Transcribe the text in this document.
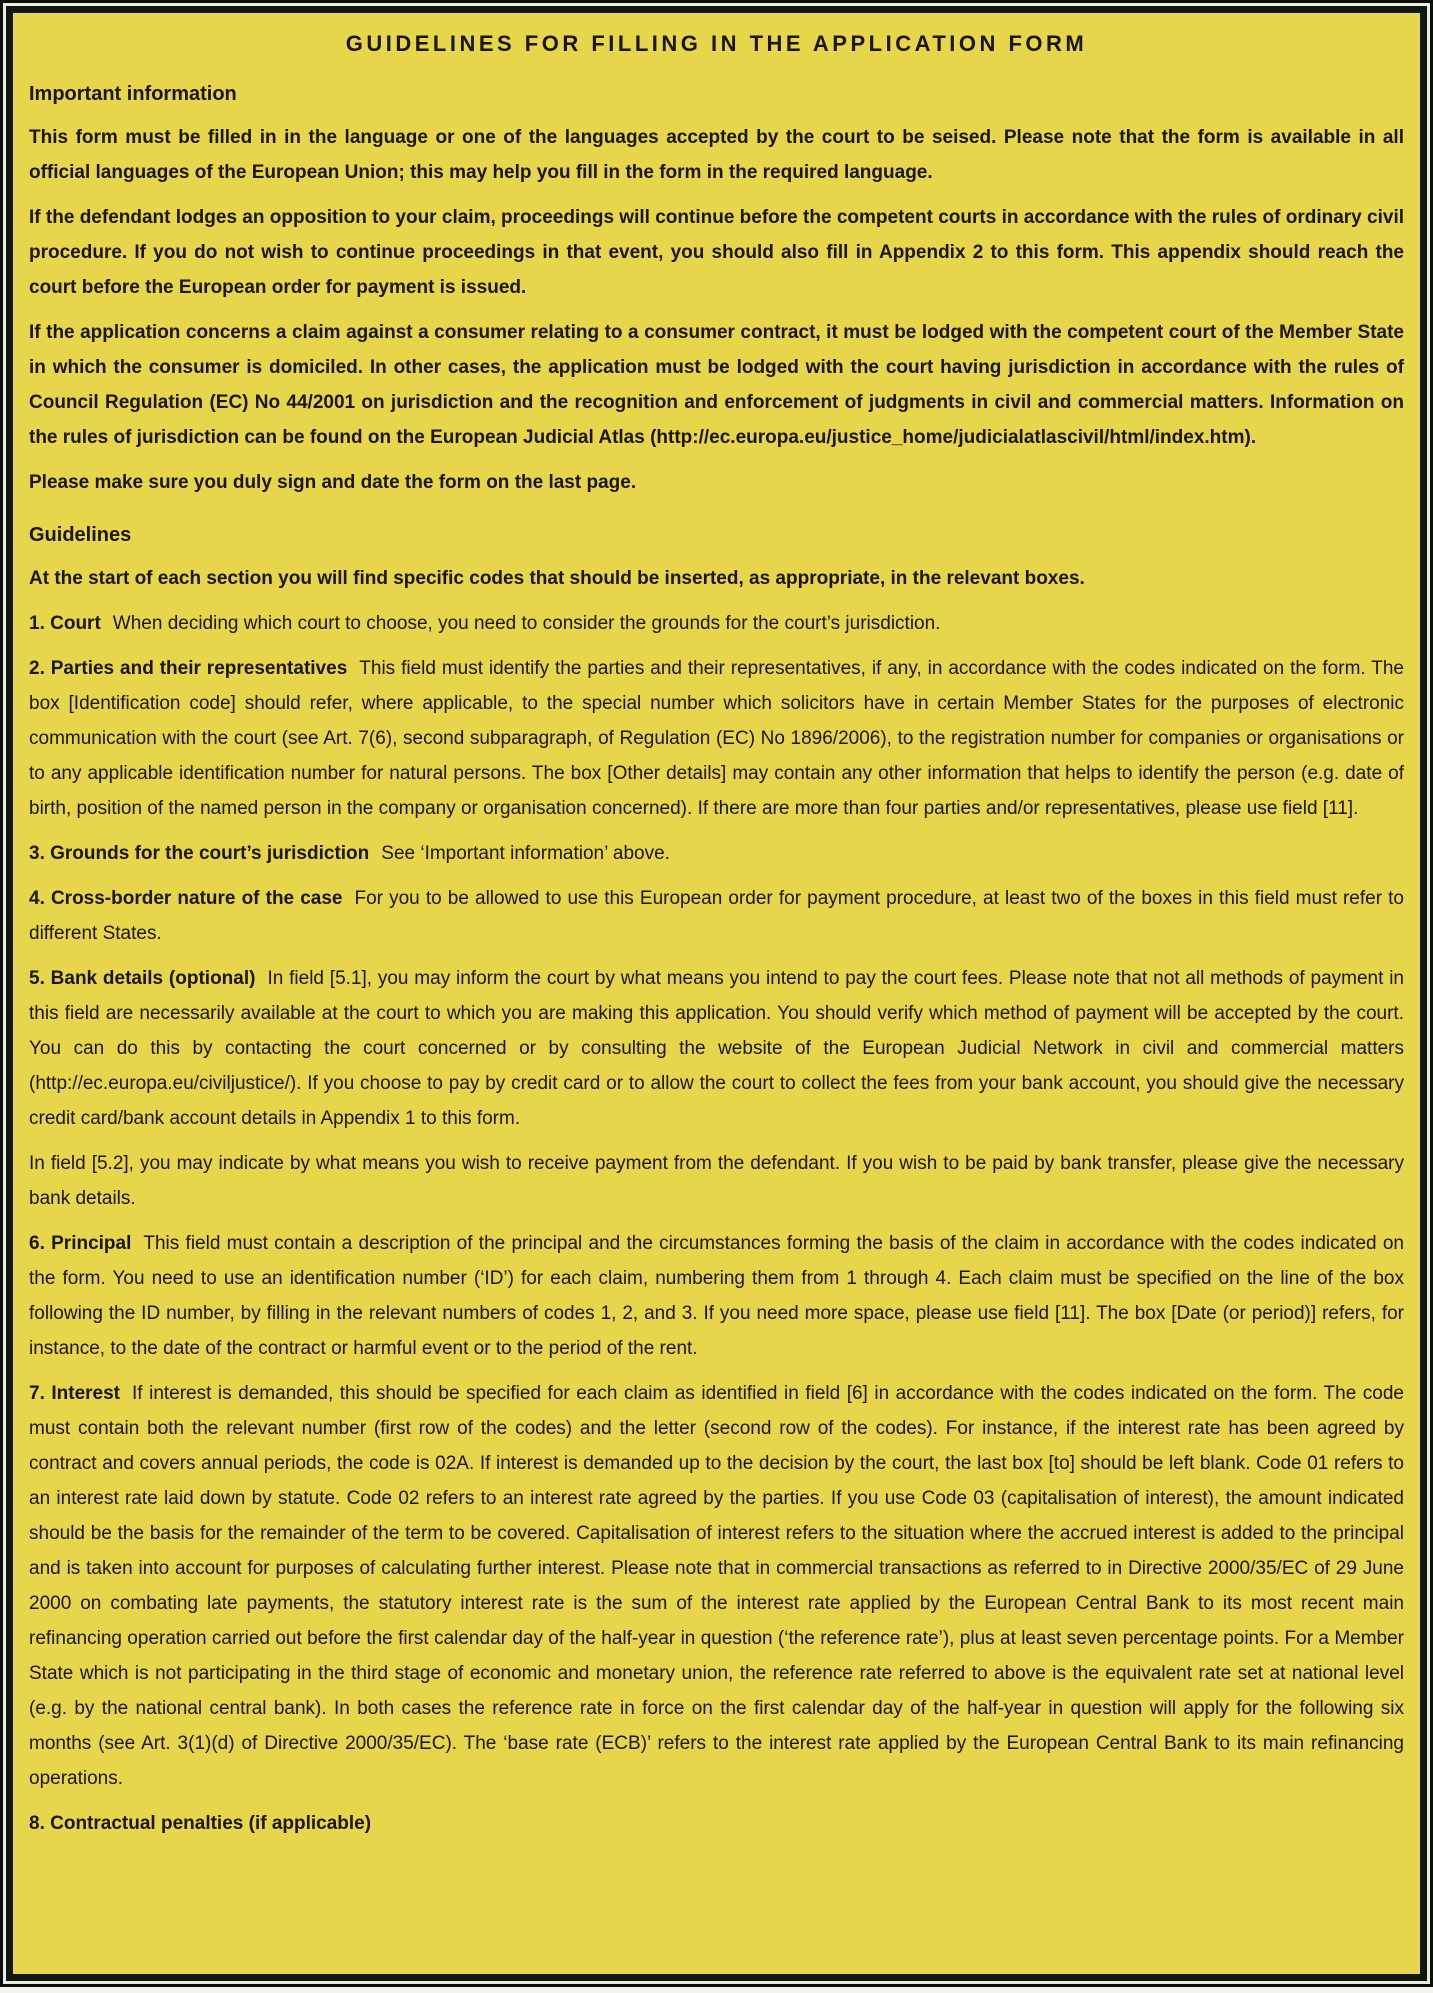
GUIDELINES FOR FILLING IN THE APPLICATION FORM
Important information

This form must be filled in in the language or one of the languages accepted by the court to be seised. Please note that the form is available in all official languages of the European Union; this may help you fill in the form in the required language.

If the defendant lodges an opposition to your claim, proceedings will continue before the competent courts in accordance with the rules of ordinary civil procedure. If you do not wish to continue proceedings in that event, you should also fill in Appendix 2 to this form. This appendix should reach the court before the European order for payment is issued.

If the application concerns a claim against a consumer relating to a consumer contract, it must be lodged with the competent court of the Member State in which the consumer is domiciled. In other cases, the application must be lodged with the court having jurisdiction in accordance with the rules of Council Regulation (EC) No 44/2001 on jurisdiction and the recognition and enforcement of judgments in civil and commercial matters. Information on the rules of jurisdiction can be found on the European Judicial Atlas (http://ec.europa.eu/justice_home/judicialatlascivil/html/index.htm).

Please make sure you duly sign and date the form on the last page.

Guidelines

At the start of each section you will find specific codes that should be inserted, as appropriate, in the relevant boxes.

1. Court When deciding which court to choose, you need to consider the grounds for the court’s jurisdiction.

2. Parties and their representatives This field must identify the parties and their representatives, if any, in accordance with the codes indicated on the form. The box [Identification code] should refer, where applicable, to the special number which solicitors have in certain Member States for the purposes of electronic communication with the court (see Art. 7(6), second subparagraph, of Regulation (EC) No 1896/2006), to the registration number for companies or organisations or to any applicable identification number for natural persons. The box [Other details] may contain any other information that helps to identify the person (e.g. date of birth, position of the named person in the company or organisation concerned). If there are more than four parties and/or representatives, please use field [11].

3. Grounds for the court’s jurisdiction See ‘Important information’ above.

4. Cross-border nature of the case For you to be allowed to use this European order for payment procedure, at least two of the boxes in this field must refer to different States.

5. Bank details (optional) In field [5.1], you may inform the court by what means you intend to pay the court fees. Please note that not all methods of payment in this field are necessarily available at the court to which you are making this application. You should verify which method of payment will be accepted by the court. You can do this by contacting the court concerned or by consulting the website of the European Judicial Network in civil and commercial matters (http://ec.europa.eu/civiljustice/). If you choose to pay by credit card or to allow the court to collect the fees from your bank account, you should give the necessary credit card/bank account details in Appendix 1 to this form.

In field [5.2], you may indicate by what means you wish to receive payment from the defendant. If you wish to be paid by bank transfer, please give the necessary bank details.

6. Principal This field must contain a description of the principal and the circumstances forming the basis of the claim in accordance with the codes indicated on the form. You need to use an identification number (‘ID’) for each claim, numbering them from 1 through 4. Each claim must be specified on the line of the box following the ID number, by filling in the relevant numbers of codes 1, 2, and 3. If you need more space, please use field [11]. The box [Date (or period)] refers, for instance, to the date of the contract or harmful event or to the period of the rent.

7. Interest If interest is demanded, this should be specified for each claim as identified in field [6] in accordance with the codes indicated on the form. The code must contain both the relevant number (first row of the codes) and the letter (second row of the codes). For instance, if the interest rate has been agreed by contract and covers annual periods, the code is 02A. If interest is demanded up to the decision by the court, the last box [to] should be left blank. Code 01 refers to an interest rate laid down by statute. Code 02 refers to an interest rate agreed by the parties. If you use Code 03 (capitalisation of interest), the amount indicated should be the basis for the remainder of the term to be covered. Capitalisation of interest refers to the situation where the accrued interest is added to the principal and is taken into account for purposes of calculating further interest. Please note that in commercial transactions as referred to in Directive 2000/35/EC of 29 June 2000 on combating late payments, the statutory interest rate is the sum of the interest rate applied by the European Central Bank to its most recent main refinancing operation carried out before the first calendar day of the half-year in question (‘the reference rate’), plus at least seven percentage points. For a Member State which is not participating in the third stage of economic and monetary union, the reference rate referred to above is the equivalent rate set at national level (e.g. by the national central bank). In both cases the reference rate in force on the first calendar day of the half-year in question will apply for the following six months (see Art. 3(1)(d) of Directive 2000/35/EC). The ‘base rate (ECB)’ refers to the interest rate applied by the European Central Bank to its main refinancing operations.

8. Contractual penalties (if applicable)
